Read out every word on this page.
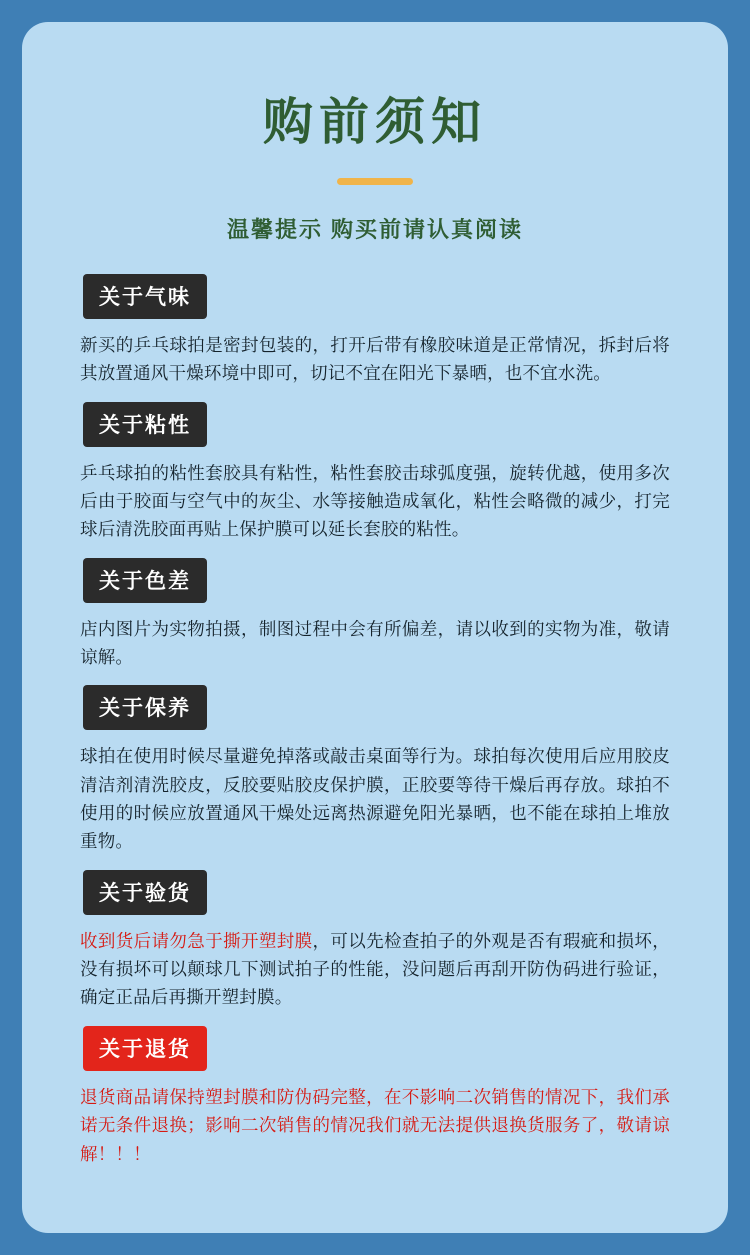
购前须知
温馨提示 购买前请认真阅读
关于气味
新买的乒乓球拍是密封包装的，打开后带有橡胶味道是正常情况，拆封后将其放置通风干燥环境中即可，切记不宜在阳光下暴晒，也不宜水洗。
关于粘性
乒乓球拍的粘性套胶具有粘性，粘性套胶击球弧度强，旋转优越，使用多次后由于胶面与空气中的灰尘、水等接触造成氧化，粘性会略微的减少，打完球后清洗胶面再贴上保护膜可以延长套胶的粘性。
关于色差
店内图片为实物拍摄，制图过程中会有所偏差，请以收到的实物为准，敬请谅解。
关于保养
球拍在使用时候尽量避免掉落或敲击桌面等行为。球拍每次使用后应用胶皮清洁剂清洗胶皮，反胶要贴胶皮保护膜，正胶要等待干燥后再存放。球拍不使用的时候应放置通风干燥处远离热源避免阳光暴晒，也不能在球拍上堆放重物。
关于验货
收到货后请勿急于撕开塑封膜，可以先检查拍子的外观是否有瑕疵和损坏，没有损坏可以颠球几下测试拍子的性能，没问题后再刮开防伪码进行验证，确定正品后再撕开塑封膜。
关于退货
退货商品请保持塑封膜和防伪码完整，在不影响二次销售的情况下，我们承诺无条件退换；影响二次销售的情况我们就无法提供退换货服务了，敬请谅解！！！
